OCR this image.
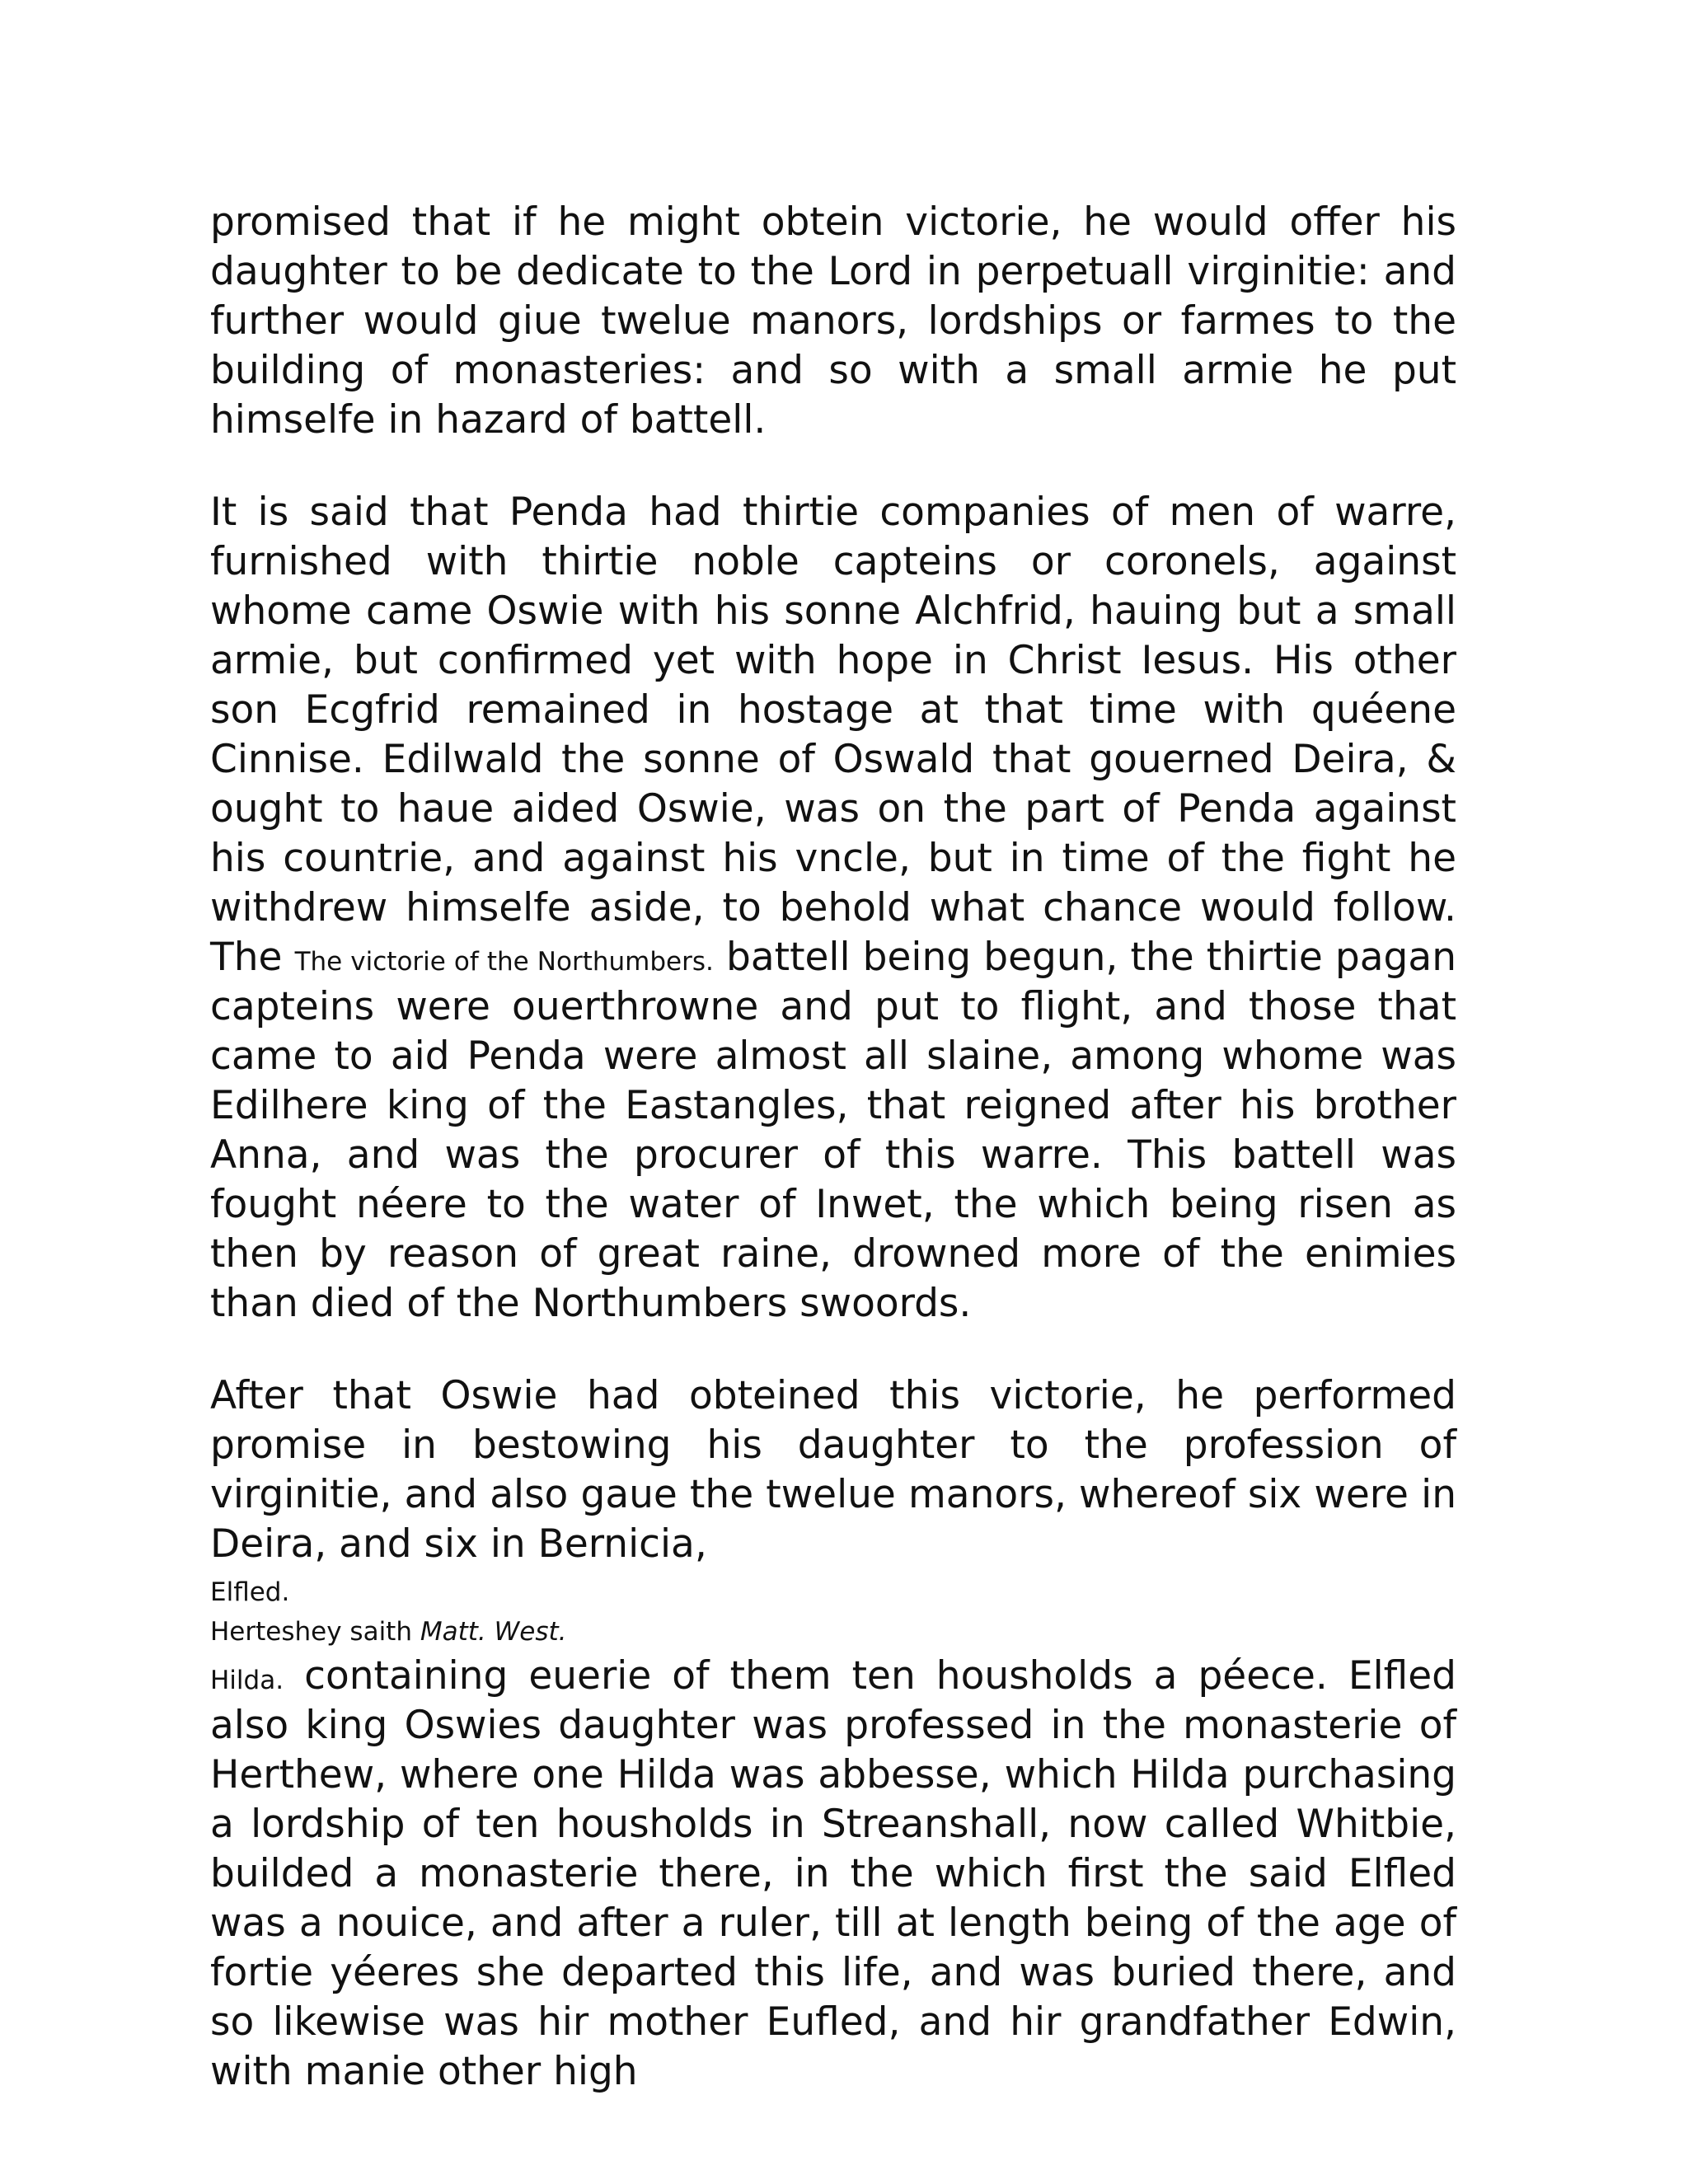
promised that if he might obtein victorie, he would offer his daughter to be dedicate to the Lord in perpetuall virginitie: and further would giue twelue manors, lordships or farmes to the building of monasteries: and so with a small armie he put himselfe in hazard of battell.

It is said that Penda had thirtie companies of men of warre, furnished with thirtie noble capteins or coronels, against whome came Oswie with his sonne Alchfrid, hauing but a small armie, but confirmed yet with hope in Christ Iesus. His other son Ecgfrid remained in hostage at that time with quéene Cinnise. Edilwald the sonne of Oswald that gouerned Deira, & ought to haue aided Oswie, was on the part of Penda against his countrie, and against his vncle, but in time of the fight he withdrew himselfe aside, to behold what chance would follow. The The victorie of the Northumbers. battell being begun, the thirtie pagan capteins were ouerthrowne and put to flight, and those that came to aid Penda were almost all slaine, among whome was Edilhere king of the Eastangles, that reigned after his brother Anna, and was the procurer of this warre. This battell was fought néere to the water of Inwet, the which being risen as then by reason of great raine, drowned more of the enimies than died of the Northumbers swoords.

After that Oswie had obteined this victorie, he performed promise in bestowing his daughter to the profession of virginitie, and also gaue the twelue manors, whereof six were in Deira, and six in Bernicia,

Elfled.
Herteshey saith Matt. West.

Hilda. containing euerie of them ten housholds a péece. Elfled also king Oswies daughter was professed in the monasterie of Herthew, where one Hilda was abbesse, which Hilda purchasing a lordship of ten housholds in Streanshall, now called Whitbie, builded a monasterie there, in the which first the said Elfled was a nouice, and after a ruler, till at length being of the age of fortie yéeres she departed this life, and was buried there, and so likewise was hir mother Eufled, and hir grandfather Edwin, with manie other high
